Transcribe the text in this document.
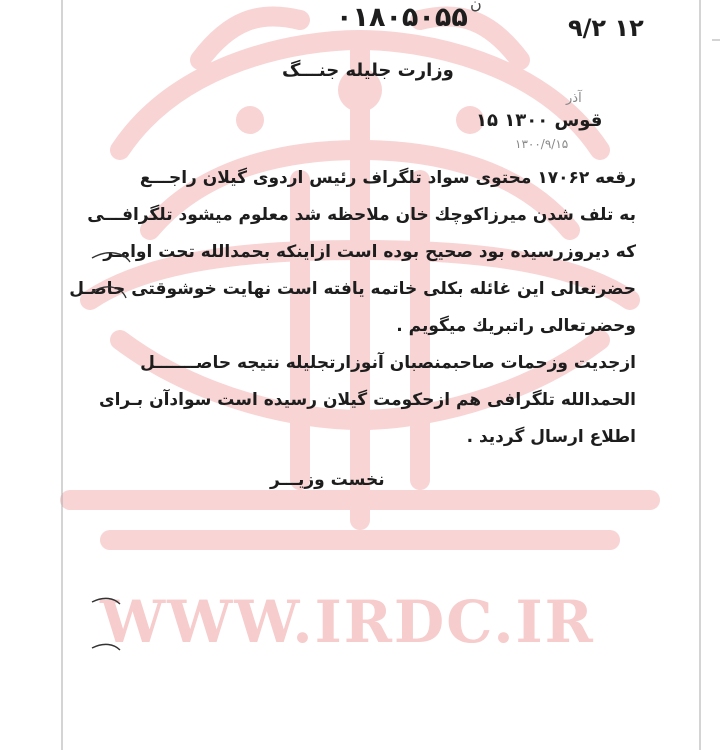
WWW.IRDC.IR
ن
۰۱۸۰۵۰۵۵	۹/۲ ۱۲
وزارت جلیله جنـــگ
آذر
۱۵ قوس ۱۳۰۰
۱۳۰۰/۹/۱۵
رقعه ۱۷۰۶۲ محتوی سواد تلگراف رئیس اردوی گیلان راجـــع
به تلف شدن میرزاکوچك خان ملاحظه شد معلوم میشود تلگرافـــی
که دیروزرسیده بود صحیح بوده است ازاینکه بحمدالله تحت اوامـر
حضرتعالی این غائله بکلی خاتمه یافته است نهایت خوشوقتی حاصـل
وحضرتعالی راتبریك میگویم .
ازجدیت وزحمات صاحبمنصبان آنوزارتجلیله نتیجه حاصـــــــل
الحمدالله تلگرافی هم ازحکومت گیلان رسیده است سوادآن بـرای
اطلاع ارسال گردید .
نخست وزیـــر
